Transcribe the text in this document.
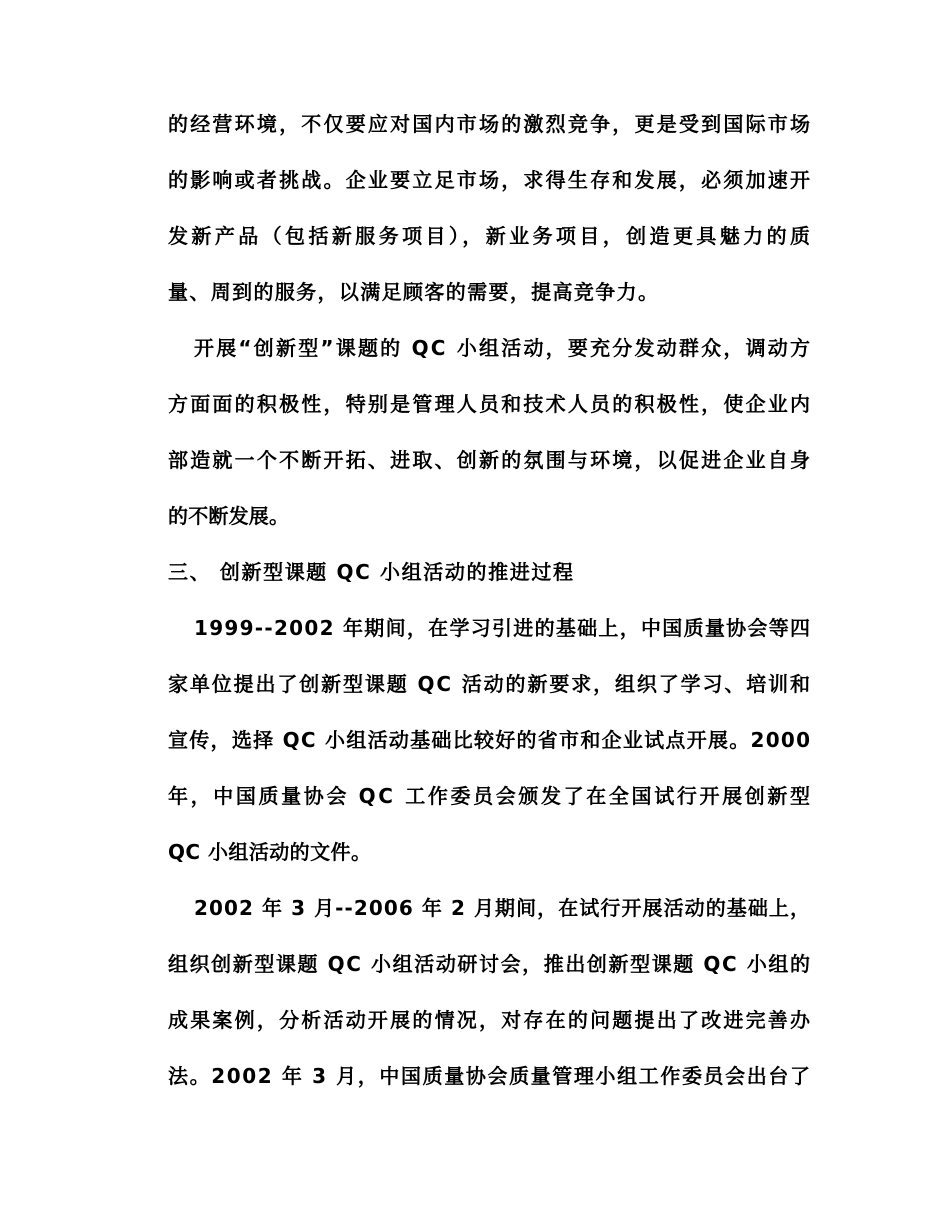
的经营环境，不仅要应对国内市场的激烈竞争，更是受到国际市场
的影响或者挑战。企业要立足市场，求得生存和发展，必须加速开
发新产品（包括新服务项目），新业务项目，创造更具魅力的质
量、周到的服务，以满足顾客的需要，提高竞争力。
开展“创新型”课题的 QC 小组活动，要充分发动群众，调动方
方面面的积极性，特别是管理人员和技术人员的积极性，使企业内
部造就一个不断开拓、进取、创新的氛围与环境，以促进企业自身
的不断发展。
三、 创新型课题 QC 小组活动的推进过程
1999--2002 年期间，在学习引进的基础上，中国质量协会等四
家单位提出了创新型课题 QC 活动的新要求，组织了学习、培训和
宣传，选择 QC 小组活动基础比较好的省市和企业试点开展。2000
年，中国质量协会 QC 工作委员会颁发了在全国试行开展创新型
QC 小组活动的文件。
2002 年 3 月--2006 年 2 月期间，在试行开展活动的基础上，
组织创新型课题 QC 小组活动研讨会，推出创新型课题 QC 小组的
成果案例，分析活动开展的情况，对存在的问题提出了改进完善办
法。2002 年 3 月，中国质量协会质量管理小组工作委员会出台了
